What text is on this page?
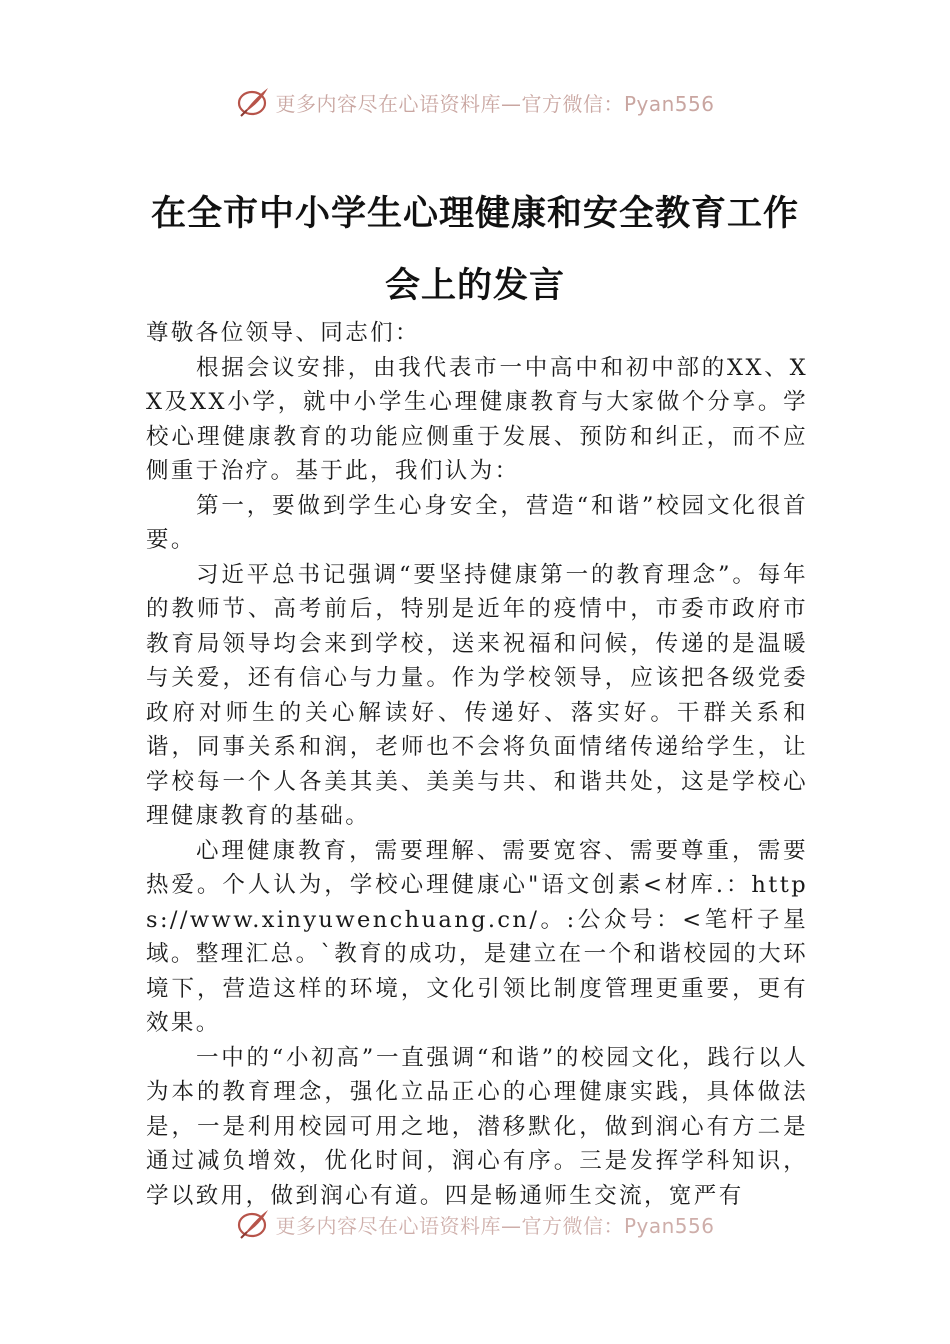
更多内容尽在心语资料库—官方微信：Pyan556
在全市中小学生心理健康和安全教育工作
会上的发言

尊敬各位领导、同志们：

根据会议安排，由我代表市一中高中和初中部的XX、XX及XX小学，就中小学生心理健康教育与大家做个分享。学校心理健康教育的功能应侧重于发展、预防和纠正，而不应侧重于治疗。基于此，我们认为：

第一，要做到学生心身安全，营造“和谐”校园文化很首要。

习近平总书记强调“要坚持健康第一的教育理念”。每年的教师节、高考前后，特别是近年的疫情中，市委市政府市教育局领导均会来到学校，送来祝福和问候，传递的是温暖与关爱，还有信心与力量。作为学校领导，应该把各级党委政府对师生的关心解读好、传递好、落实好。干群关系和谐，同事关系和润，老师也不会将负面情绪传递给学生，让学校每一个人各美其美、美美与共、和谐共处，这是学校心理健康教育的基础。

心理健康教育，需要理解、需要宽容、需要尊重，需要热爱。个人认为，学校心理健康心"语文创素<材库.：https://www.xinyuwenchuang.cn/。:公众号：<笔杆子星域。整理汇总。`教育的成功，是建立在一个和谐校园的大环境下，营造这样的环境，文化引领比制度管理更重要，更有效果。

一中的“小初高”一直强调“和谐”的校园文化，践行以人为本的教育理念，强化立品正心的心理健康实践，具体做法是，一是利用校园可用之地，潜移默化，做到润心有方二是通过减负增效，优化时间，润心有序。三是发挥学科知识，学以致用，做到润心有道。四是畅通师生交流，宽严有

更多内容尽在心语资料库—官方微信：Pyan556
